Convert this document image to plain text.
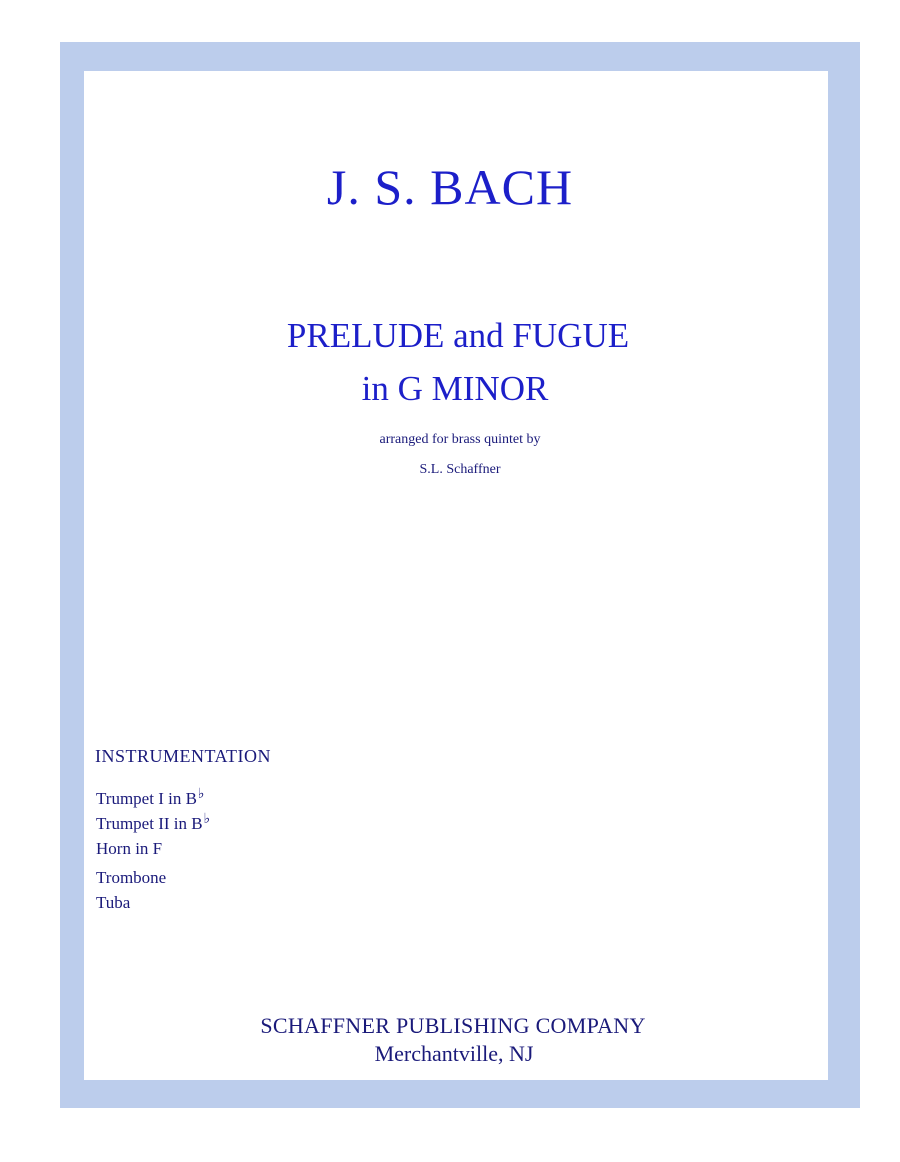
J. S. BACH
PRELUDE and FUGUE
in G MINOR
arranged for brass quintet by
S.L. Schaffner
INSTRUMENTATION
Trumpet I in B♭
Trumpet II in B♭
Horn in F
Trombone
Tuba
SCHAFFNER PUBLISHING COMPANY
Merchantville, NJ
